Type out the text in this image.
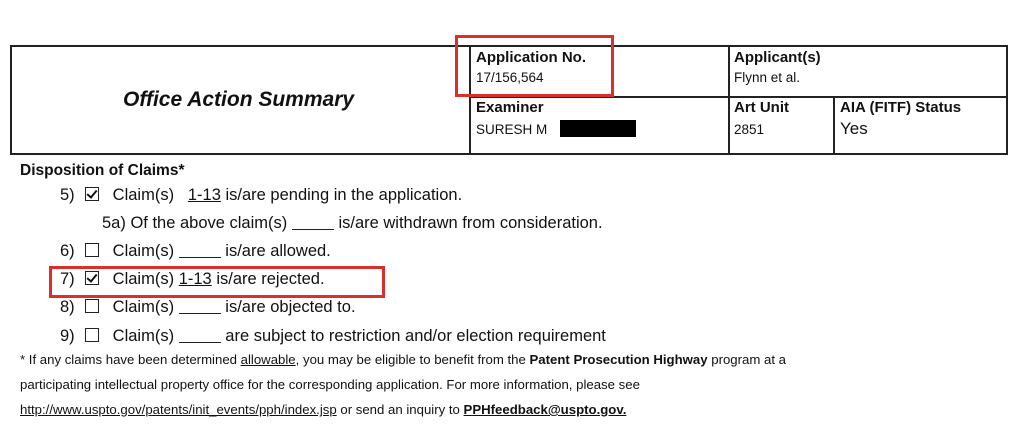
Office Action Summary
Application No.
17/156,564
Applicant(s)
Flynn et al.
Examiner
SURESH M
Art Unit
2851
AIA (FITF) Status
Yes
Disposition of Claims*
5) Claim(s) 1-13 is/are pending in the application.
5a) Of the above claim(s)	is/are withdrawn from consideration.
6) Claim(s)	is/are allowed.
7) Claim(s) 1-13 is/are rejected.
8) Claim(s)	is/are objected to.
9) Claim(s)	are subject to restriction and/or election requirement
* If any claims have been determined allowable, you may be eligible to benefit from the Patent Prosecution Highway program at a
participating intellectual property office for the corresponding application. For more information, please see
http://www.uspto.gov/patents/init_events/pph/index.jsp or send an inquiry to PPHfeedback@uspto.gov.
